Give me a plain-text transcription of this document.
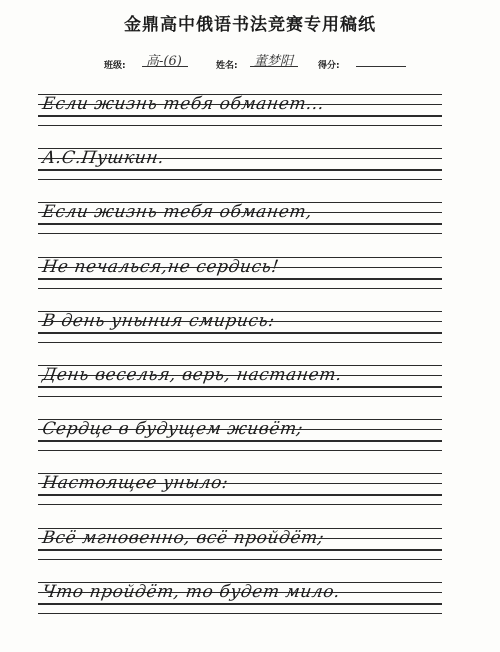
金鼎高中俄语书法竞赛专用稿纸
班级: 高-(6)	姓名: 董梦阳	得分:
Если жизнь тебя обманет...
А.С.Пушкин.
Если жизнь тебя обманет,
Не печалься,не сердись!
В день уныния смирись:
День веселья, верь, настанет.
Сердце в будущем живёт;
Настоящее уныло:
Всё мгновенно, всё пройдёт;
Что пройдёт, то будет мило.
